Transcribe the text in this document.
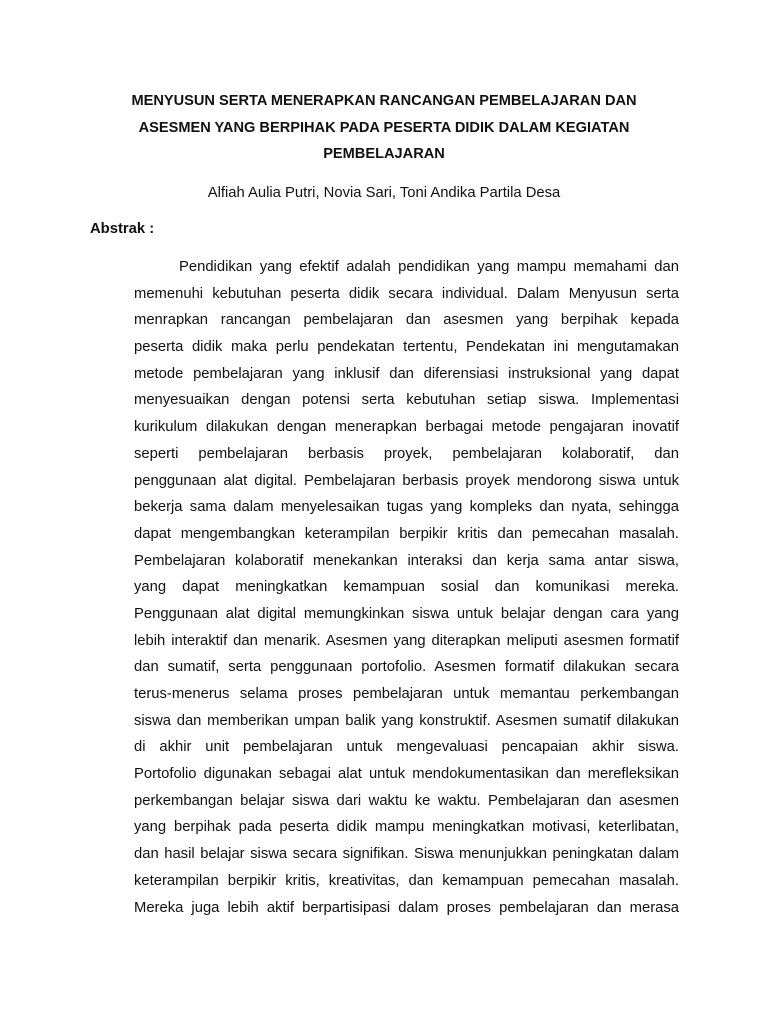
MENYUSUN SERTA MENERAPKAN RANCANGAN PEMBELAJARAN DAN
ASESMEN YANG BERPIHAK PADA PESERTA DIDIK DALAM KEGIATAN
PEMBELAJARAN
Alfiah Aulia Putri, Novia Sari, Toni Andika Partila Desa
Abstrak :
Pendidikan yang efektif adalah pendidikan yang mampu memahami dan
memenuhi kebutuhan peserta didik secara individual. Dalam Menyusun serta
menrapkan rancangan pembelajaran dan asesmen yang berpihak kepada
peserta didik maka perlu pendekatan tertentu, Pendekatan ini mengutamakan
metode pembelajaran yang inklusif dan diferensiasi instruksional yang dapat
menyesuaikan dengan potensi serta kebutuhan setiap siswa. Implementasi
kurikulum dilakukan dengan menerapkan berbagai metode pengajaran inovatif
seperti pembelajaran berbasis proyek, pembelajaran kolaboratif, dan
penggunaan alat digital. Pembelajaran berbasis proyek mendorong siswa untuk
bekerja sama dalam menyelesaikan tugas yang kompleks dan nyata, sehingga
dapat mengembangkan keterampilan berpikir kritis dan pemecahan masalah.
Pembelajaran kolaboratif menekankan interaksi dan kerja sama antar siswa,
yang dapat meningkatkan kemampuan sosial dan komunikasi mereka.
Penggunaan alat digital memungkinkan siswa untuk belajar dengan cara yang
lebih interaktif dan menarik. Asesmen yang diterapkan meliputi asesmen formatif
dan sumatif, serta penggunaan portofolio. Asesmen formatif dilakukan secara
terus-menerus selama proses pembelajaran untuk memantau perkembangan
siswa dan memberikan umpan balik yang konstruktif. Asesmen sumatif dilakukan
di akhir unit pembelajaran untuk mengevaluasi pencapaian akhir siswa.
Portofolio digunakan sebagai alat untuk mendokumentasikan dan merefleksikan
perkembangan belajar siswa dari waktu ke waktu. Pembelajaran dan asesmen
yang berpihak pada peserta didik mampu meningkatkan motivasi, keterlibatan,
dan hasil belajar siswa secara signifikan. Siswa menunjukkan peningkatan dalam
keterampilan berpikir kritis, kreativitas, dan kemampuan pemecahan masalah.
Mereka juga lebih aktif berpartisipasi dalam proses pembelajaran dan merasa
